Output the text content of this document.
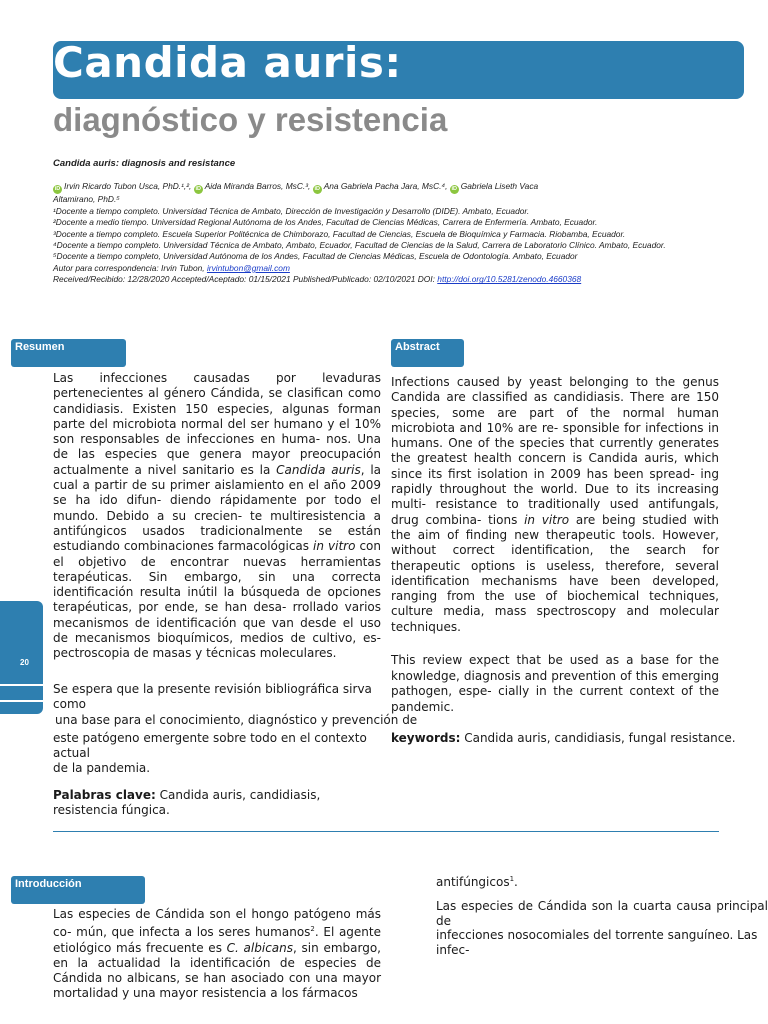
Candida auris:
diagnóstico y resistencia
Candida auris: diagnosis and resistance
iD Irvin Ricardo Tubon Usca, PhD.¹,², iD Aida Miranda Barros, MsC.³, iD Ana Gabriela Pacha Jara, MsC.⁴, iD Gabriela Liseth Vaca
Altamirano, PhD.⁵
¹Docente a tiempo completo. Universidad Técnica de Ambato, Dirección de Investigación y Desarrollo (DIDE). Ambato, Ecuador.
²Docente a medio tiempo. Universidad Regional Autónoma de los Andes, Facultad de Ciencias Médicas, Carrera de Enfermería. Ambato, Ecuador.
³Docente a tiempo completo. Escuela Superior Politécnica de Chimborazo, Facultad de Ciencias, Escuela de Bioquímica y Farmacia. Riobamba, Ecuador.
⁴Docente a tiempo completo. Universidad Técnica de Ambato, Ambato, Ecuador, Facultad de Ciencias de la Salud, Carrera de Laboratorio Clínico. Ambato, Ecuador.
⁵Docente a tiempo completo, Universidad Autónoma de los Andes, Facultad de Ciencias Médicas, Escuela de Odontología. Ambato, Ecuador
Autor para correspondencia: Irvin Tubon, irvintubon@gmail.com
Received/Recibido: 12/28/2020 Accepted/Aceptado: 01/15/2021 Published/Publicado: 02/10/2021 DOI: http://doi.org/10.5281/zenodo.4660368
Resumen	Abstract

Las infecciones causadas por levaduras pertenecientes al género Cándida, se clasifican como candidiasis. Existen 150 especies, algunas forman parte del microbiota normal del ser humano y el 10% son responsables de infecciones en huma- nos. Una de las especies que genera mayor preocupación actualmente a nivel sanitario es la Candida auris, la cual a partir de su primer aislamiento en el año 2009 se ha ido difun- diendo rápidamente por todo el mundo. Debido a su crecien- te multiresistencia a antifúngicos usados tradicionalmente se están estudiando combinaciones farmacológicas in vitro con el objetivo de encontrar nuevas herramientas terapéuticas. Sin embargo, sin una correcta identificación resulta inútil la búsqueda de opciones terapéuticas, por ende, se han desa- rrollado varios mecanismos de identificación que van desde el uso de mecanismos bioquímicos, medios de cultivo, es- pectroscopia de masas y técnicas moleculares.

Se espera que la presente revisión bibliográfica sirva como
una base para el conocimiento, diagnóstico y prevención de
este patógeno emergente sobre todo en el contexto actual
de la pandemia.
Palabras clave: Candida auris, candidiasis, resistencia fúngica.

Infections caused by yeast belonging to the genus Candida are classified as candidiasis. There are 150 species, some are part of the normal human microbiota and 10% are re- sponsible for infections in humans. One of the species that currently generates the greatest health concern is Candida auris, which since its first isolation in 2009 has been spread- ing rapidly throughout the world. Due to its increasing multi- resistance to traditionally used antifungals, drug combina- tions in vitro are being studied with the aim of finding new therapeutic tools. However, without correct identification, the search for therapeutic options is useless, therefore, several identification mechanisms have been developed, ranging from the use of biochemical techniques, culture media, mass spectroscopy and molecular techniques.

This review expect that be used as a base for the knowledge, diagnosis and prevention of this emerging pathogen, espe- cially in the current context of the pandemic.
keywords: Candida auris, candidiasis, fungal resistance.
20
Introducción

Las especies de Cándida son el hongo patógeno más co- mún, que infecta a los seres humanos$^2$. El agente etiológico más frecuente es C. albicans, sin embargo, en la actualidad la identificación de especies de Cándida no albicans, se han asociado con una mayor mortalidad y una mayor resistencia a los fármacos

antifúngicos$^1$.
Las especies de Cándida son la cuarta causa principal de
infecciones nosocomiales del torrente sanguíneo. Las infec-
